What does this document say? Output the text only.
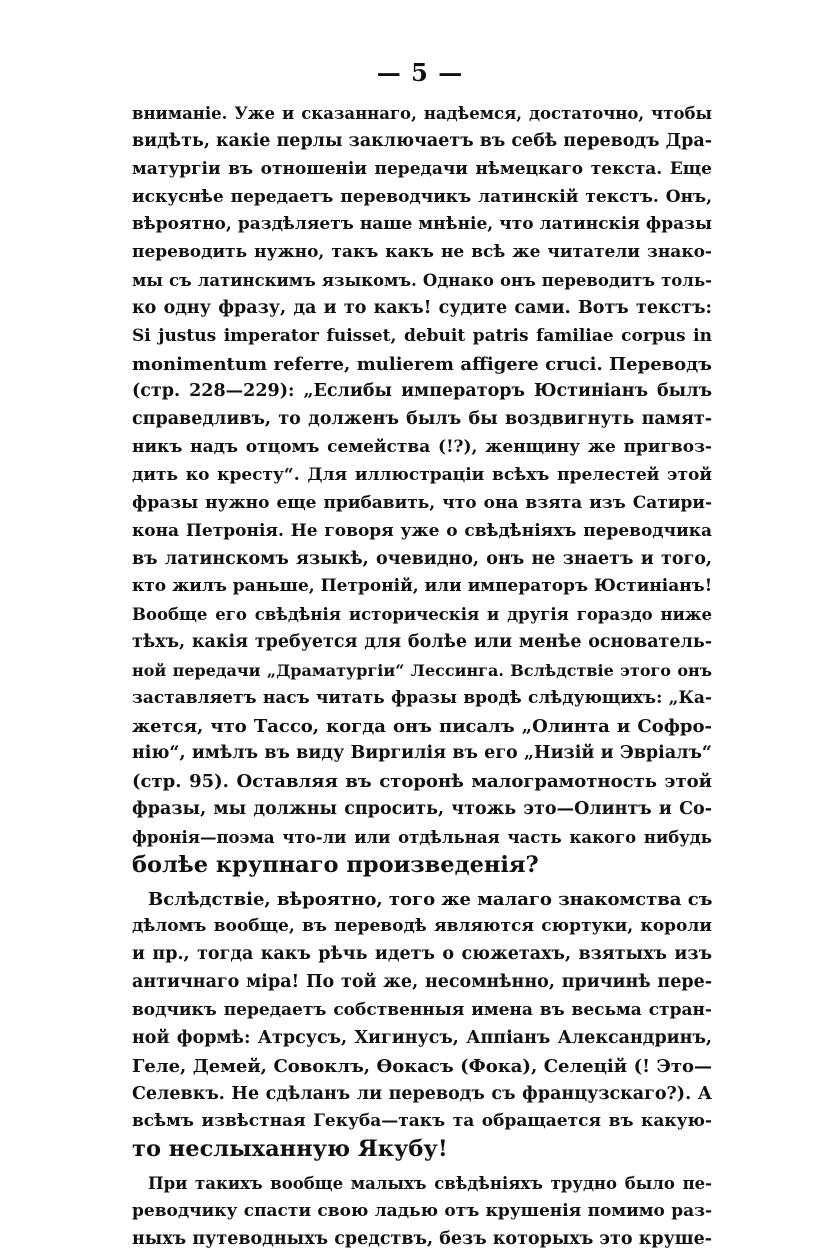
— 5 —
вниманіе. Уже и сказаннаго, надѣемся, достаточно, чтобы
видѣть, какіе перлы заключаетъ въ себѣ переводъ Дра-
матургіи въ отношеніи передачи нѣмецкаго текста. Еще
искуснѣе передаетъ переводчикъ латинскій текстъ. Онъ,
вѣроятно, раздѣляетъ наше мнѣніе, что латинскія фразы
переводить нужно, такъ какъ не всѣ же читатели знако-
мы съ латинскимъ языкомъ. Однако онъ переводитъ толь-
ко одну фразу, да и то какъ! судите сами. Вотъ текстъ:
Si justus imperator fuisset, debuit patris familiae corpus in
monimentum referre, mulierem affigere cruci. Переводъ
(стр. 228—229): „Еслибы императоръ Юстиніанъ былъ
справедливъ, то долженъ былъ бы воздвигнуть памят-
никъ надъ отцомъ семейства (!?), женщину же пригвоз-
дить ко кресту“. Для иллюстраціи всѣхъ прелестей этой
фразы нужно еще прибавить, что она взята изъ Сатири-
кона Петронія. Не говоря уже о свѣдѣніяхъ переводчика
въ латинскомъ языкѣ, очевидно, онъ не знаетъ и того,
кто жилъ раньше, Петроній, или императоръ Юстиніанъ!
Вообще его свѣдѣнія историческія и другія гораздо ниже
тѣхъ, какія требуется для болѣе или менѣе основатель-
ной передачи „Драматургіи“ Лессинга. Вслѣдствіе этого онъ
заставляетъ насъ читать фразы вродѣ слѣдующихъ: „Ка-
жется, что Тассо, когда онъ писалъ „Олинта и Софро-
нію“, имѣлъ въ виду Виргилія въ его „Низій и Эвріалъ“
(стр. 95). Оставляя въ сторонѣ малограмотность этой
фразы, мы должны спросить, чтожь это—Олинтъ и Со-
фронія—поэма что-ли или отдѣльная часть какого нибудь
болѣе крупнаго произведенія?
Вслѣдствіе, вѣроятно, того же малаго знакомства съ
дѣломъ вообще, въ переводѣ являются сюртуки, короли
и пр., тогда какъ рѣчь идетъ о сюжетахъ, взятыхъ изъ
античнаго міра! По той же, несомнѣнно, причинѣ пере-
водчикъ передаетъ собственныя имена въ весьма стран-
ной формѣ: Атрсусъ, Хигинусъ, Аппіанъ Александринъ,
Геле, Демей, Совоклъ, Өокасъ (Фока), Селецій (! Это—
Селевкъ. Не сдѣланъ ли переводъ съ французскаго?). А
всѣмъ извѣстная Гекуба—такъ та обращается въ какую-
то неслыханную Якубу!
При такихъ вообще малыхъ свѣдѣніяхъ трудно было пе-
реводчику спасти свою ладью отъ крушенія помимо раз-
ныхъ путеводныхъ средствъ, безъ которыхъ это круше-
